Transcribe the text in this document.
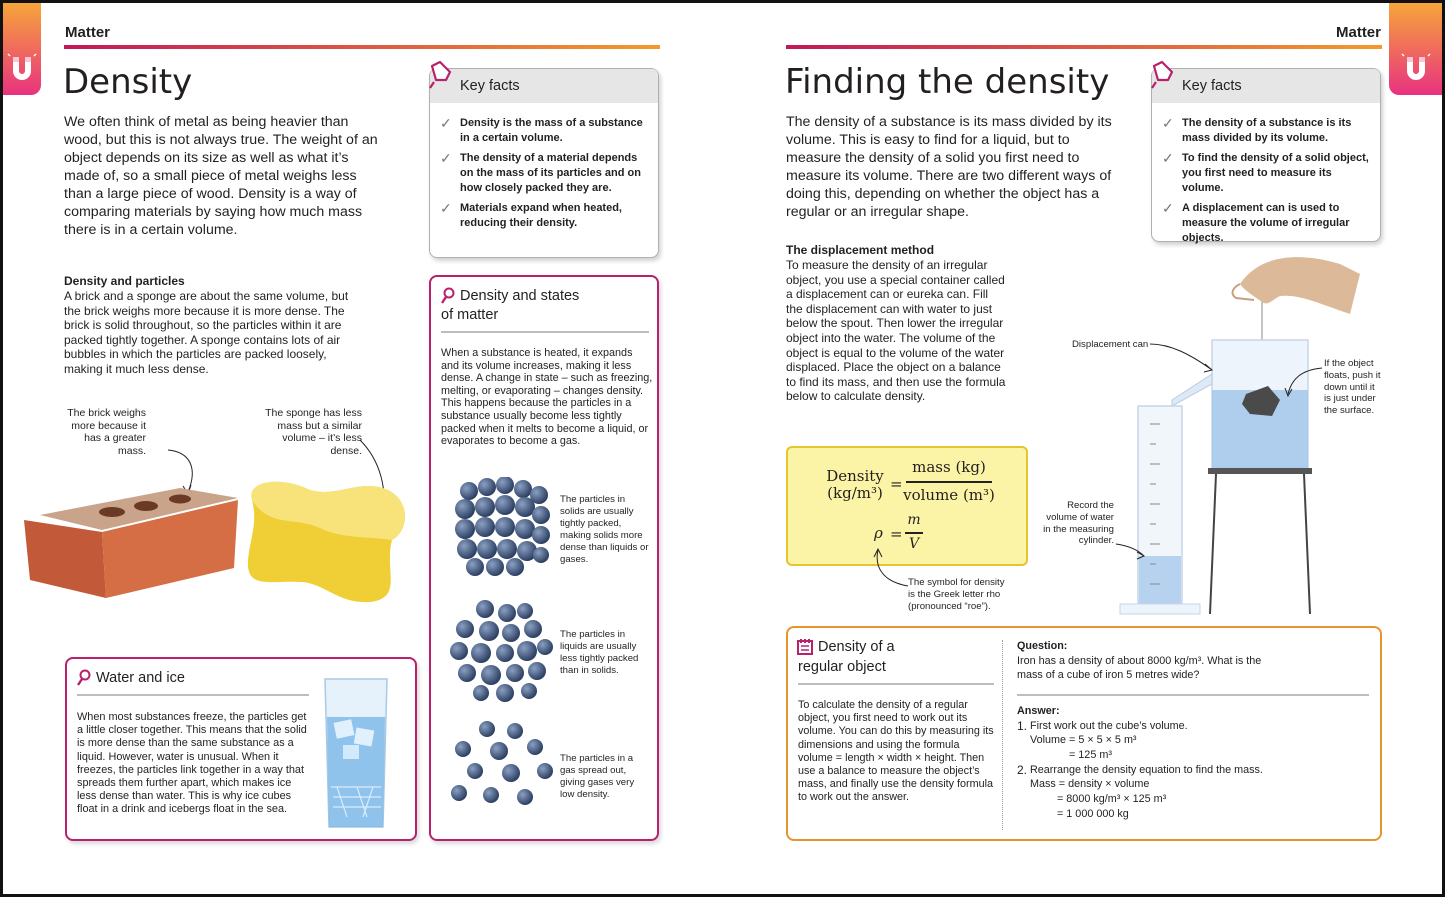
Matter
Density
We often think of metal as being heavier than wood, but this is not always true. The weight of an object depends on its size as well as what it’s made of, so a small piece of metal weighs less than a large piece of wood. Density is a way of comparing materials by saying how much mass there is in a certain volume.
Density and particles
A brick and a sponge are about the same volume, but the brick weighs more because it is more dense. The brick is solid throughout, so the particles within it are packed tightly together. A sponge contains lots of air bubbles in which the particles are packed loosely, making it much less dense.
The brick weighs more because it has a greater mass.
The sponge has less mass but a similar volume – it’s less dense.
Key facts
✓ Density is the mass of a substance in a certain volume.
✓ The density of a material depends on the mass of its particles and on how closely packed they are.
✓ Materials expand when heated, reducing their density.
Density and states
of matter
When a substance is heated, it expands and its volume increases, making it less dense. A change in state – such as freezing, melting, or evaporating – changes density. This happens because the particles in a substance usually become less tightly packed when it melts to become a liquid, or evaporates to become a gas.
The particles in solids are usually tightly packed, making solids more dense than liquids or gases.
The particles in liquids are usually less tightly packed than in solids.
The particles in a gas spread out, giving gases very low density.
Water and ice
When most substances freeze, the particles get a little closer together. This means that the solid is more dense than the same substance as a liquid. However, water is unusual. When it freezes, the particles link together in a way that spreads them further apart, which makes ice less dense than water. This is why ice cubes float in a drink and icebergs float in the sea.
Matter
Finding the density
The density of a substance is its mass divided by its volume. This is easy to find for a liquid, but to measure the density of a solid you first need to measure its volume. There are two different ways of doing this, depending on whether the object has a regular or an irregular shape.
The displacement method
To measure the density of an irregular object, you use a special container called a displacement can or eureka can. Fill the displacement can with water to just below the spout. Then lower the irregular object into the water. The volume of the object is equal to the volume of the water displaced. Place the object on a balance to find its mass, and then use the formula below to calculate density.
Key facts
✓ The density of a substance is its mass divided by its volume.
✓ To find the density of a solid object, you first need to measure its volume.
✓ A displacement can is used to measure the volume of irregular objects.
Displacement can
If the object floats, push it down until it is just under the surface.
Record the volume of water in the measuring cylinder.
Density
(kg/m³) =
mass (kg)
volume (m³)
ρ =
m
V
The symbol for density is the Greek letter rho (pronounced “roe”).
Density of a
regular object
To calculate the density of a regular object, you first need to work out its volume. You can do this by measuring its dimensions and using the formula volume = length × width × height. Then use a balance to measure the object’s mass, and finally use the density formula to work out the answer.
Question:
Iron has a density of about 8000 kg/m³. What is the mass of a cube of iron 5 metres wide?
Answer:
1. First work out the cube’s volume.
Volume = 5 × 5 × 5 m³
= 125 m³
2. Rearrange the density equation to find the mass.
Mass = density × volume
= 8000 kg/m³ × 125 m³
= 1 000 000 kg
